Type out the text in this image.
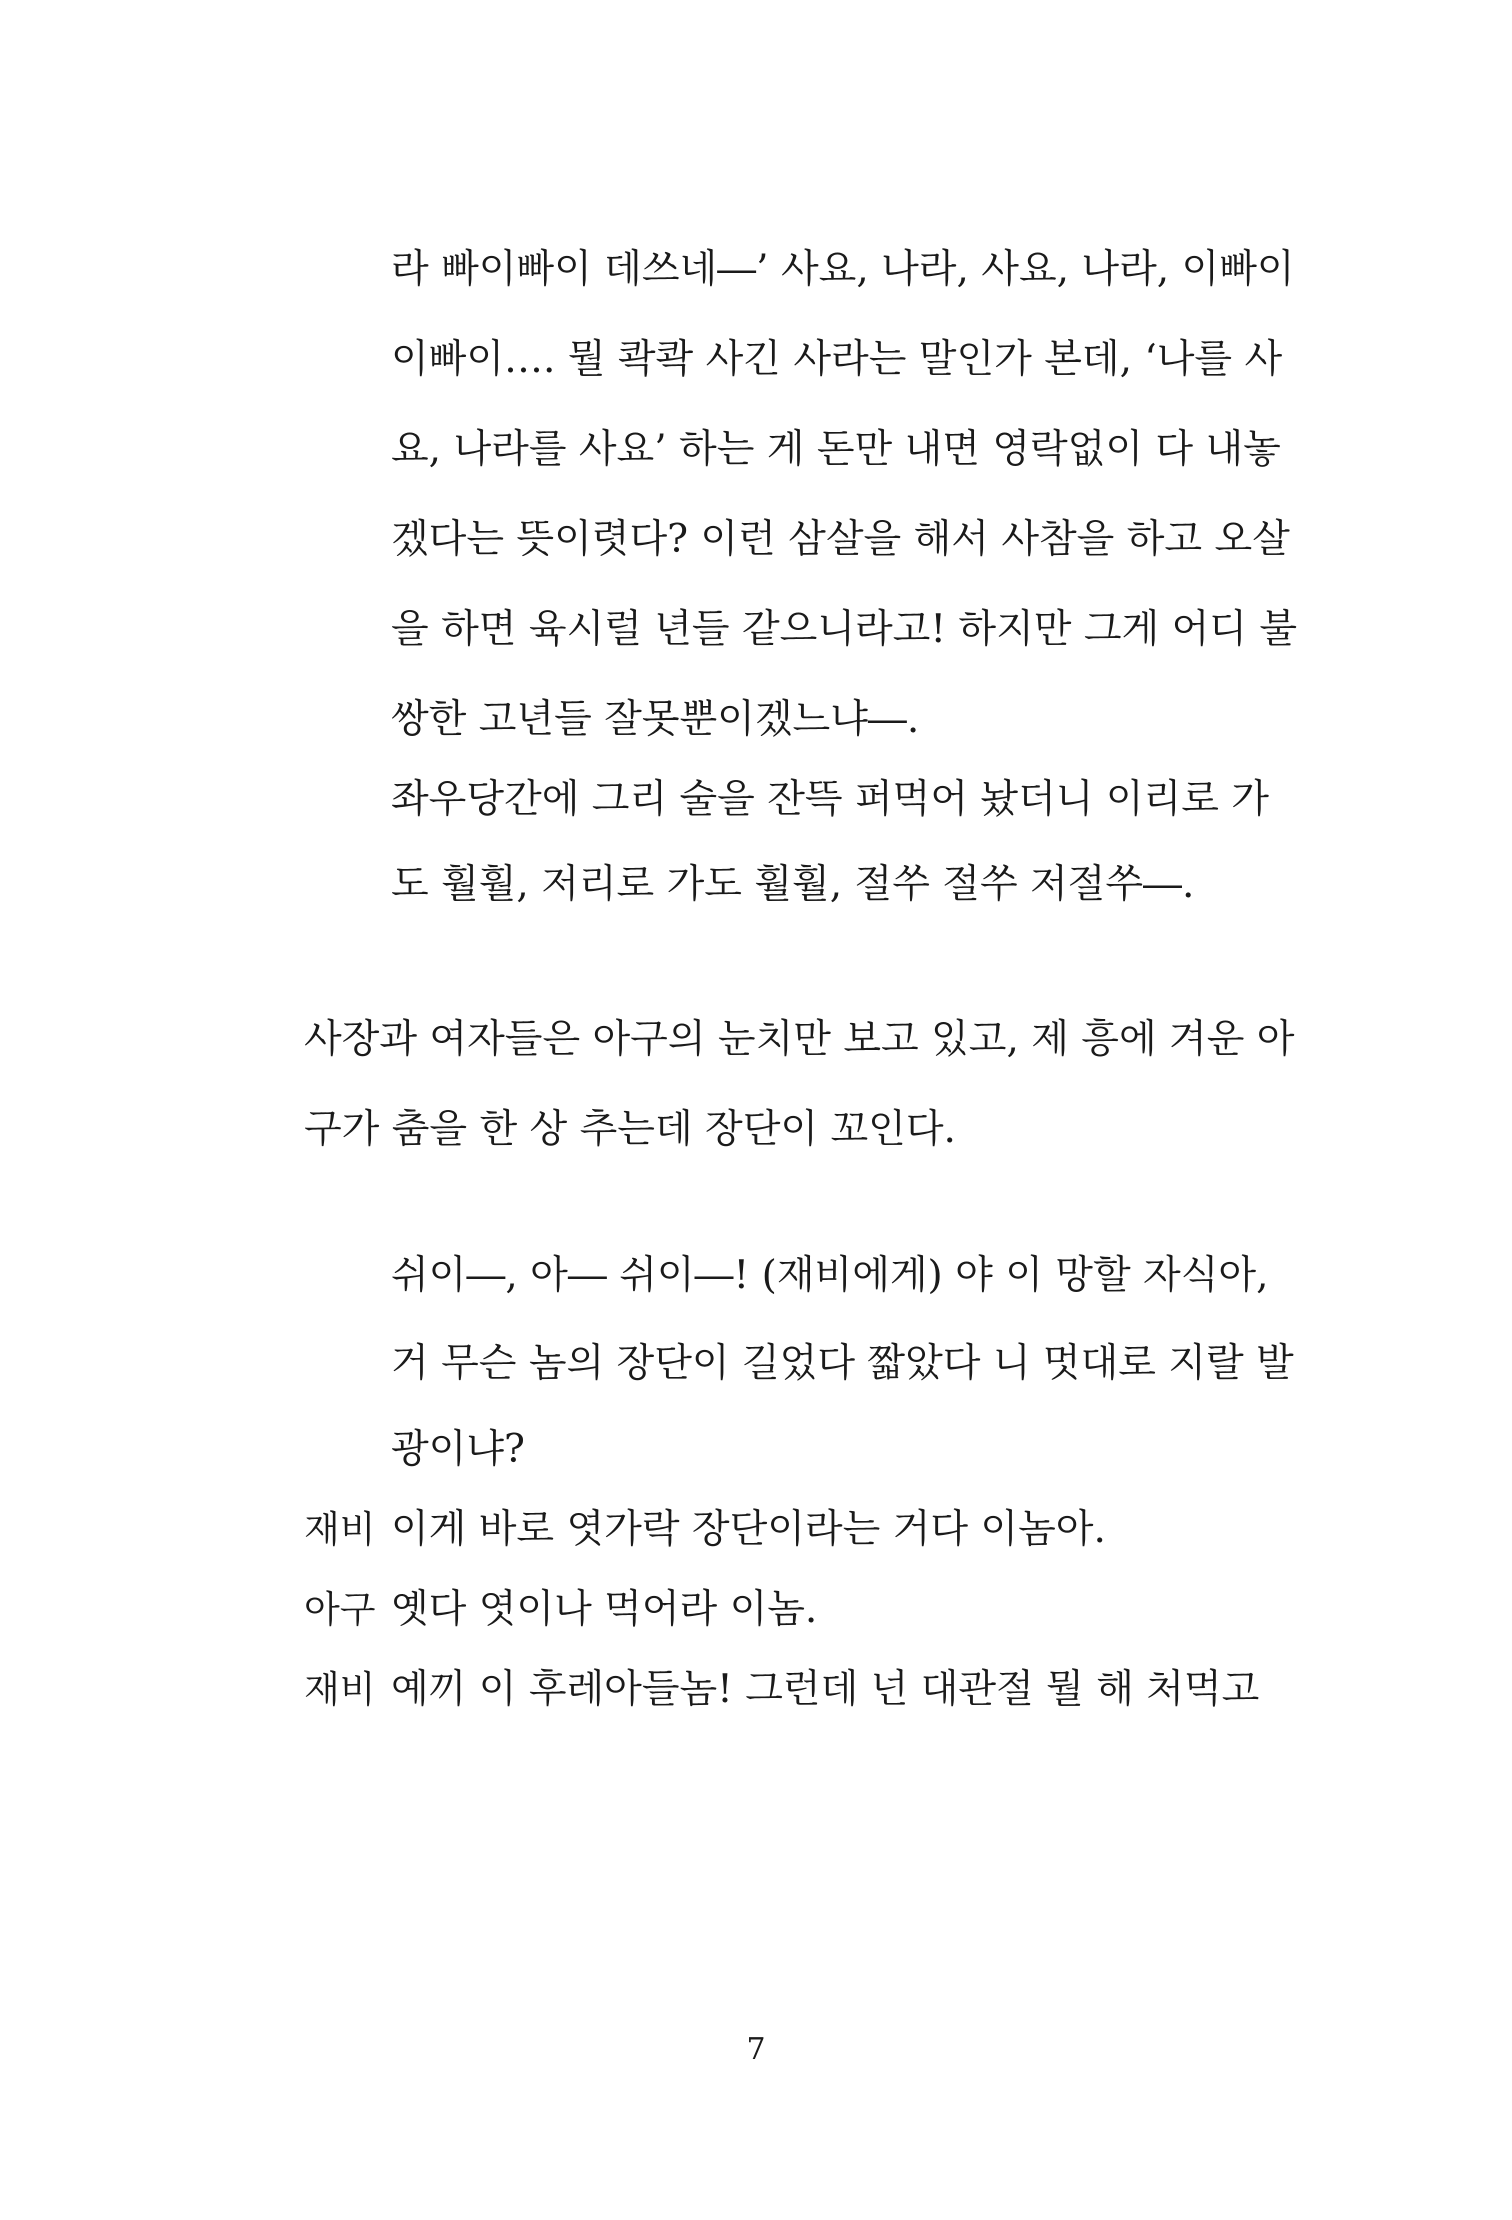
라 빠이빠이 데쓰네―’ 사요, 나라, 사요, 나라, 이빠이
이빠이…. 뭘 콱콱 사긴 사라는 말인가 본데, ‘나를 사
요, 나라를 사요’ 하는 게 돈만 내면 영락없이 다 내놓
겠다는 뜻이렷다? 이런 삼살을 해서 사참을 하고 오살
을 하면 육시럴 년들 같으니라고! 하지만 그게 어디 불
쌍한 고년들 잘못뿐이겠느냐―.
좌우당간에 그리 술을 잔뜩 퍼먹어 놨더니 이리로 가
도 훨훨, 저리로 가도 훨훨, 절쑤 절쑤 저절쑤―.
사장과 여자들은 아구의 눈치만 보고 있고, 제 흥에 겨운 아
구가 춤을 한 상 추는데 장단이 꼬인다.
쉬이―, 아― 쉬이―! (재비에게) 야 이 망할 자식아,
거 무슨 놈의 장단이 길었다 짧았다 니 멋대로 지랄 발
광이냐?
재비 이게 바로 엿가락 장단이라는 거다 이놈아.
아구 옛다 엿이나 먹어라 이놈.
재비 예끼 이 후레아들놈! 그런데 넌 대관절 뭘 해 처먹고
7
